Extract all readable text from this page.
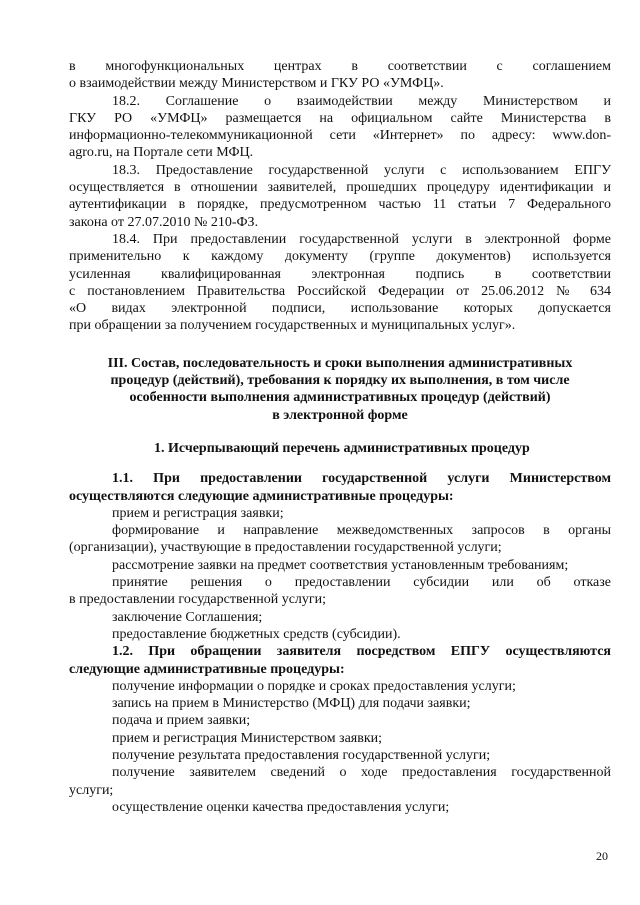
в многофункциональных центрах в соответствии с соглашением

о взаимодействии между Министерством и ГКУ РО «УМФЦ».

18.2. Соглашение о взаимодействии между Министерством и

ГКУ РО «УМФЦ» размещается на официальном сайте Министерства в

информационно-телекоммуникационной сети «Интернет» по адресу: www.don-

agro.ru, на Портале сети МФЦ.

18.3. Предоставление государственной услуги с использованием ЕПГУ

осуществляется в отношении заявителей, прошедших процедуру идентификации и

аутентификации в порядке, предусмотренном частью 11 статьи 7 Федерального

закона от 27.07.2010 № 210-ФЗ.

18.4. При предоставлении государственной услуги в электронной форме

применительно к каждому документу (группе документов) используется

усиленная квалифицированная электронная подпись в соответствии

с постановлением Правительства Российской Федерации от 25.06.2012 № 634

«О видах электронной подписи, использование которых допускается

при обращении за получением государственных и муниципальных услуг».

III. Состав, последовательность и сроки выполнения административных

процедур (действий), требования к порядку их выполнения, в том числе

особенности выполнения административных процедур (действий)

в электронной форме

1. Исчерпывающий перечень административных процедур

1.1. При предоставлении государственной услуги Министерством

осуществляются следующие административные процедуры:

прием и регистрация заявки;

формирование и направление межведомственных запросов в органы

(организации), участвующие в предоставлении государственной услуги;

рассмотрение заявки на предмет соответствия установленным требованиям;

принятие решения о предоставлении субсидии или об отказе

в предоставлении государственной услуги;

заключение Соглашения;

предоставление бюджетных средств (субсидии).

1.2. При обращении заявителя посредством ЕПГУ осуществляются

следующие административные процедуры:

получение информации о порядке и сроках предоставления услуги;

запись на прием в Министерство (МФЦ) для подачи заявки;

подача и прием заявки;

прием и регистрация Министерством заявки;

получение результата предоставления государственной услуги;

получение заявителем сведений о ходе предоставления государственной

услуги;

осуществление оценки качества предоставления услуги;

20
